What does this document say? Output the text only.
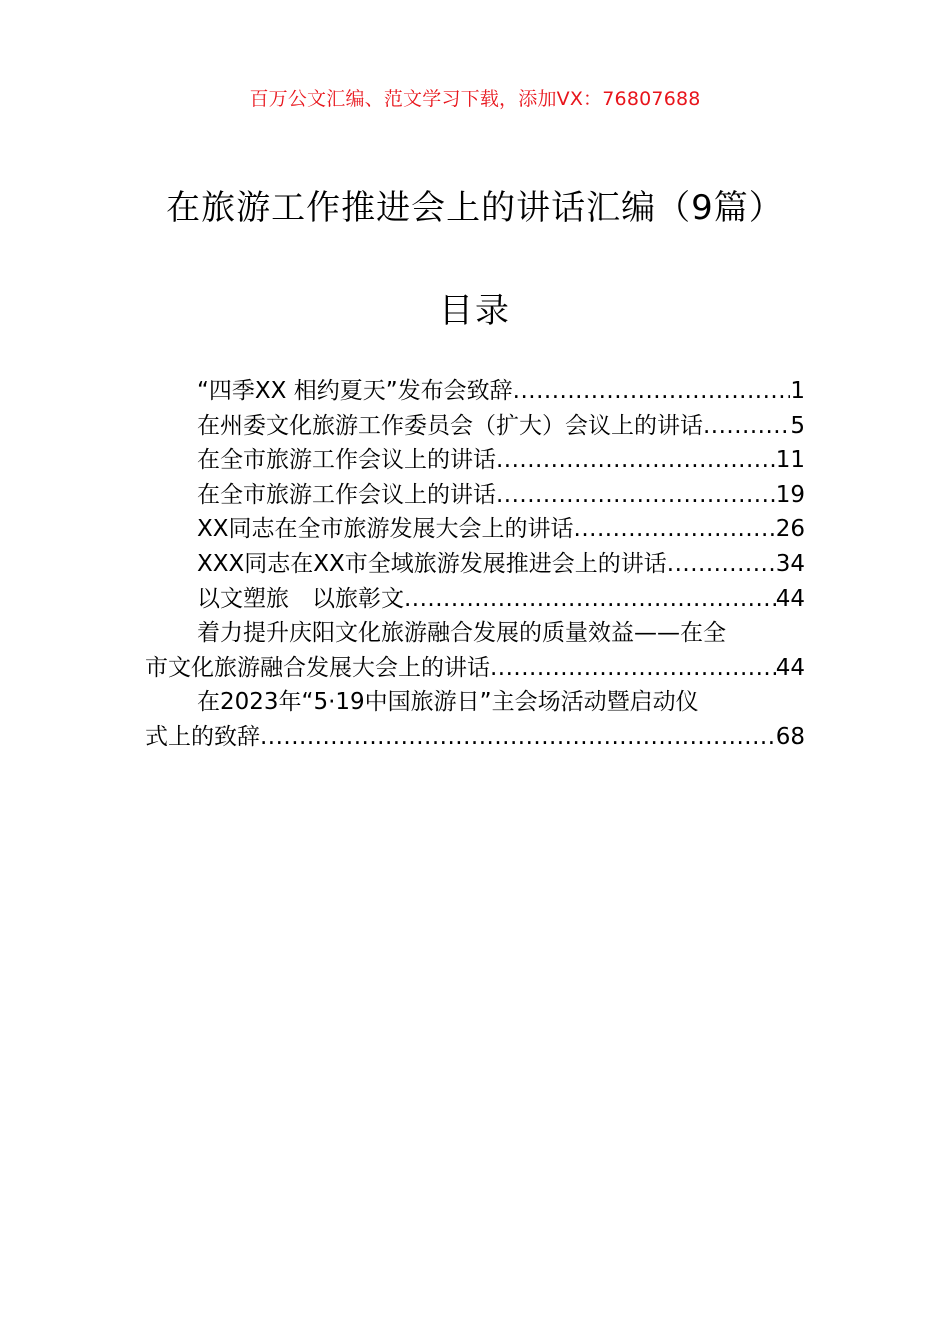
百万公文汇编、范文学习下载，添加VX：76807688
在旅游工作推进会上的讲话汇编（9篇）
目录
“四季XX 相约夏天”发布会致辞 .....	1
在州委文化旅游工作委员会（扩大）会议上的讲话 .....	5
在全市旅游工作会议上的讲话 .....	11
在全市旅游工作会议上的讲话 .....	19
XX同志在全市旅游发展大会上的讲话 .....	26
XXX同志在XX市全域旅游发展推进会上的讲话 .....	34
以文塑旅　以旅彰文 .....	44
着力提升庆阳文化旅游融合发展的质量效益——在全
市文化旅游融合发展大会上的讲话 .....	44
在2023年“5·19中国旅游日”主会场活动暨启动仪
式上的致辞 .....	68
